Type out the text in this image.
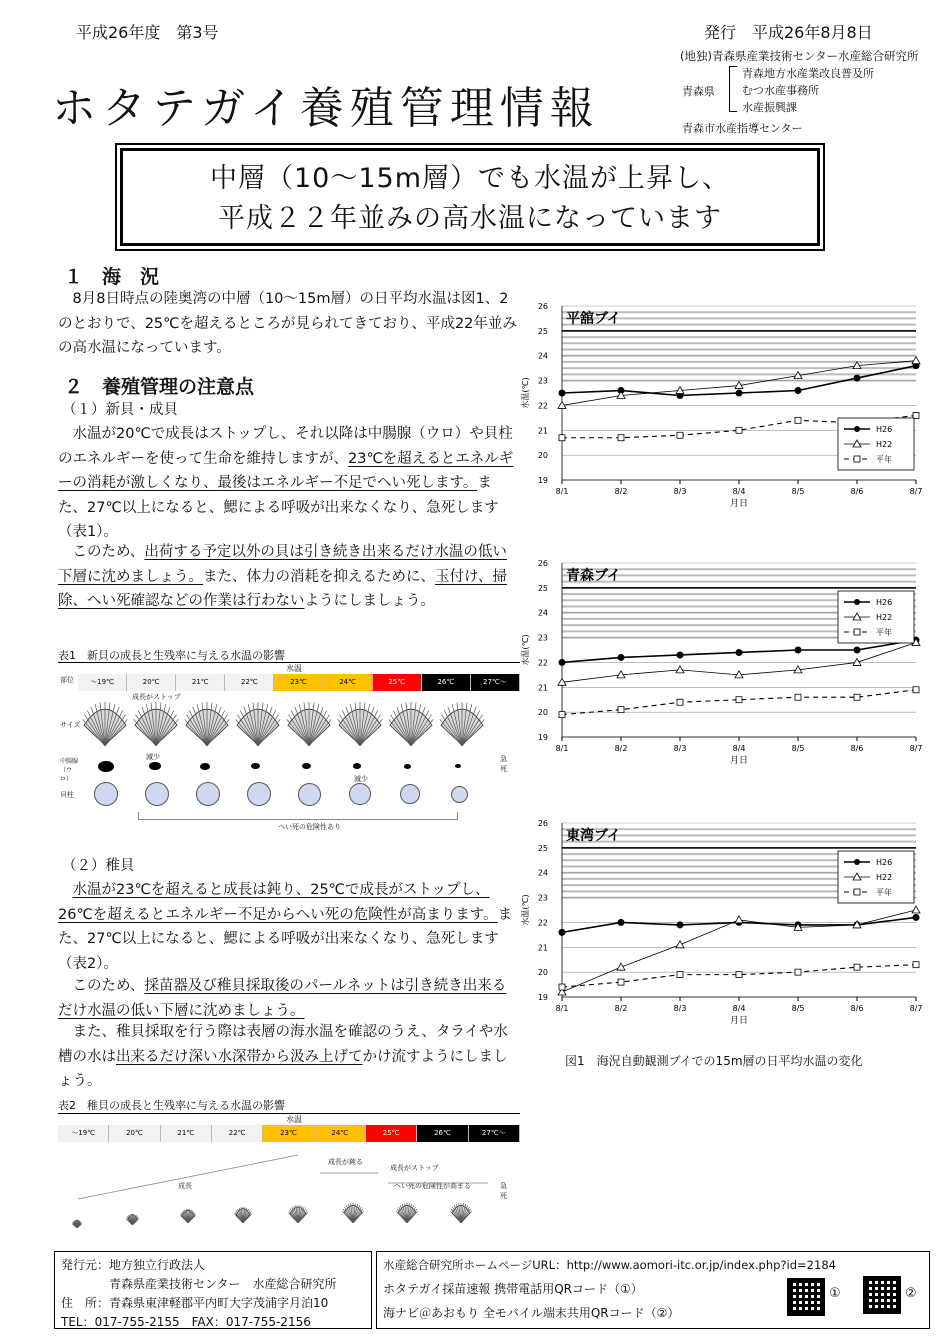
平成26年度　第3号	発行　平成26年8月8日
ホタテガイ養殖管理情報
(地独)青森県産業技術センター水産総合研究所
青森県
青森地方水産業改良普及所
むつ水産事務所
水産振興課
青森市水産指導センター

中層（10～15m層）でも水温が上昇し、

平成２２年並みの高水温になっています

１　海　況
8月8日時点の陸奥湾の中層（10～15m層）の日平均水温は図1、2のとおりで、25℃を超えるところが見られてきており、平成22年並みの高水温になっています。
２　養殖管理の注意点
（１）新貝・成貝
水温が20℃で成長はストップし、それ以降は中腸腺（ウロ）や貝柱のエネルギーを使って生命を維持しますが、23℃を超えるとエネルギーの消耗が激しくなり、最後はエネルギー不足でへい死します。また、27℃以上になると、鰓による呼吸が出来なくなり、急死します（表1）。
このため、出荷する予定以外の貝は引き続き出来るだけ水温の低い下層に沈めましょう。また、体力の消耗を抑えるために、玉付け、掃除、へい死確認などの作業は行わないようにしましょう。
表1　新貝の成長と生残率に与える水温の影響
水温
部位	～19℃	20℃	21℃	22℃	23℃	24℃	25℃	26℃	27℃～
サイズ
中腸腺（ウロ）
貝柱
成長がストップ
減少
減少
急死
へい死の危険性あり
（２）稚貝
水温が23℃を超えると成長は鈍り、25℃で成長がストップし、26℃を超えるとエネルギー不足からへい死の危険性が高まります。また、27℃以上になると、鰓による呼吸が出来なくなり、急死します（表2）。
このため、採苗器及び稚貝採取後のパールネットは引き続き出来るだけ水温の低い下層に沈めましょう。
また、稚貝採取を行う際は表層の海水温を確認のうえ、タライや水槽の水は出来るだけ深い水深帯から汲み上げてかけ流すようにしましょう。
表2　稚貝の成長と生残率に与える水温の影響
水温
～19℃	20℃	21℃	22℃	23℃	24℃	25℃	26℃	27℃～
成長が鈍る
成長がストップ
成長	へい死の危険性が高まる	急死
19
20
21
22
23
24
25
26
8/1	8/2	8/3	8/4	8/5	8/6	8/7
月日
水温(℃)
平舘ブイ
H26
H22
平年
19
20
21
22
23
24
25
26
8/1	8/2	8/3	8/4	8/5	8/6	8/7
月日
水温(℃)
青森ブイ
H26
H22
平年
19
20
21
22
23
24
25
26
8/1	8/2	8/3	8/4	8/5	8/6	8/7
月日
水温(℃)
東湾ブイ
H26
H22
平年
図1　海況自動観測ブイでの15m層の日平均水温の変化
発行元：地方独立行政法人
青森県産業技術センター　水産総合研究所
住　所：青森県東津軽郡平内町大字茂浦字月泊10
TEL：017-755-2155　FAX：017-755-2156
水産総合研究所ホームページURL：http://www.aomori-itc.or.jp/index.php?id=2184
ホタテガイ採苗速報 携帯電話用QRコード（①）
海ナビ＠あおもり 全モバイル端末共用QRコード（②）
①	②
